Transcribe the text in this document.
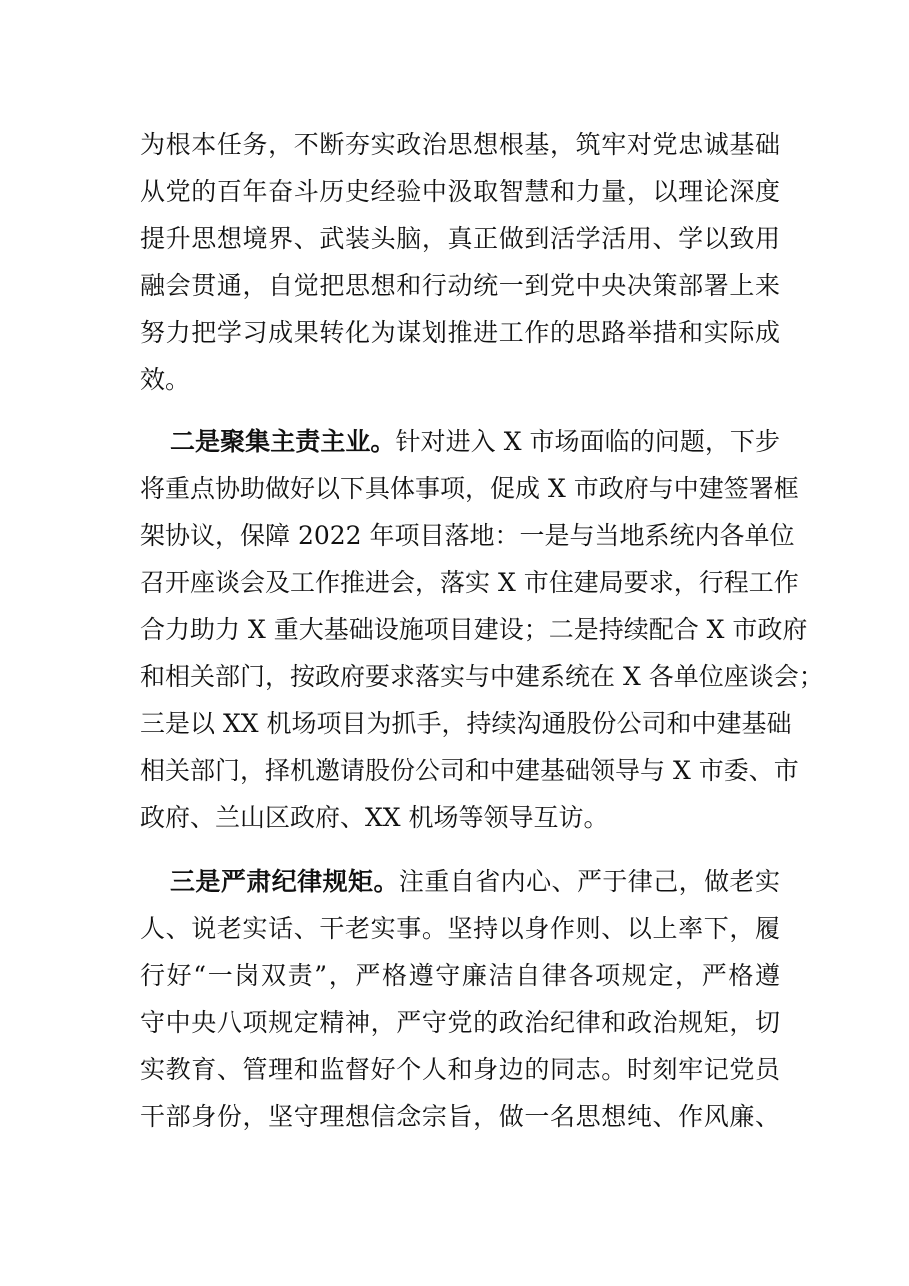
为根本任务，不断夯实政治思想根基，筑牢对党忠诚基础
从党的百年奋斗历史经验中汲取智慧和力量，以理论深度
提升思想境界、武装头脑，真正做到活学活用、学以致用
融会贯通，自觉把思想和行动统一到党中央决策部署上来
努力把学习成果转化为谋划推进工作的思路举措和实际成
效。
二是聚集主责主业。针对进入 X 市场面临的问题，下步
将重点协助做好以下具体事项，促成 X 市政府与中建签署框
架协议，保障 2022 年项目落地：一是与当地系统内各单位
召开座谈会及工作推进会，落实 X 市住建局要求，行程工作
合力助力 X 重大基础设施项目建设；二是持续配合 X 市政府
和相关部门，按政府要求落实与中建系统在 X 各单位座谈会；
三是以 XX 机场项目为抓手，持续沟通股份公司和中建基础
相关部门，择机邀请股份公司和中建基础领导与 X 市委、市
政府、兰山区政府、XX 机场等领导互访。
三是严肃纪律规矩。注重自省内心、严于律己，做老实
人、说老实话、干老实事。坚持以身作则、以上率下，履
行好“一岗双责”，严格遵守廉洁自律各项规定，严格遵
守中央八项规定精神，严守党的政治纪律和政治规矩，切
实教育、管理和监督好个人和身边的同志。时刻牢记党员
干部身份，坚守理想信念宗旨，做一名思想纯、作风廉、
